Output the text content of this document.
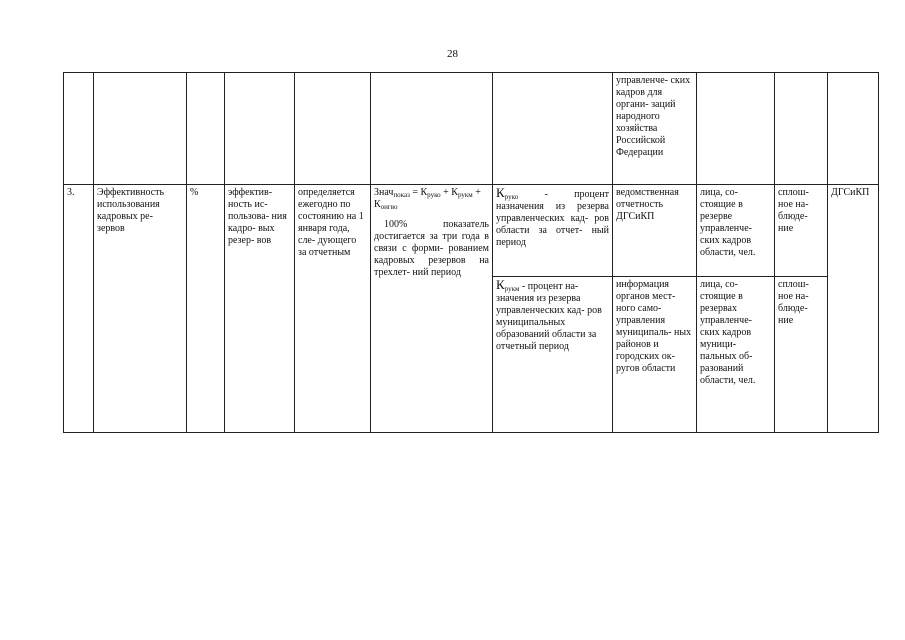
28
							управленче- ских кадров для органи- заций народного хозяйства Российской Федерации			
3.	Эффективность использования кадровых ре- зервов	%	эффектив- ность ис- пользова- ния кадро- вых резер- вов	определяется ежегодно по состоянию на 1 января года, сле- дующего за отчетным	Знач$_{показ}$ = $К_{руко} + К_{рукм} + К_{оигво}$
100% показатель достигается за три года в связи с форми- рованием кадровых резервов на трехлет- ний период	$К_{руко}$ - процент назначения из резерва управленческих кад- ров области за отчет- ный период	ведомственная отчетность ДГСиКП	лица, со- стоящие в резерве управленче- ских кадров области, чел.	сплош- ное на- блюде- ние	ДГСиКП
						$К_{рукм}$ - процент на- значения из резерва управленческих кад- ров муниципальных образований области за отчетный период	информация органов мест- ного само- управления муниципаль- ных районов и городских ок- ругов области	лица, со- стоящие в резервах управленче- ских кадров муници- пальных об- разований области, чел.	сплош- ное на- блюде- ние	
